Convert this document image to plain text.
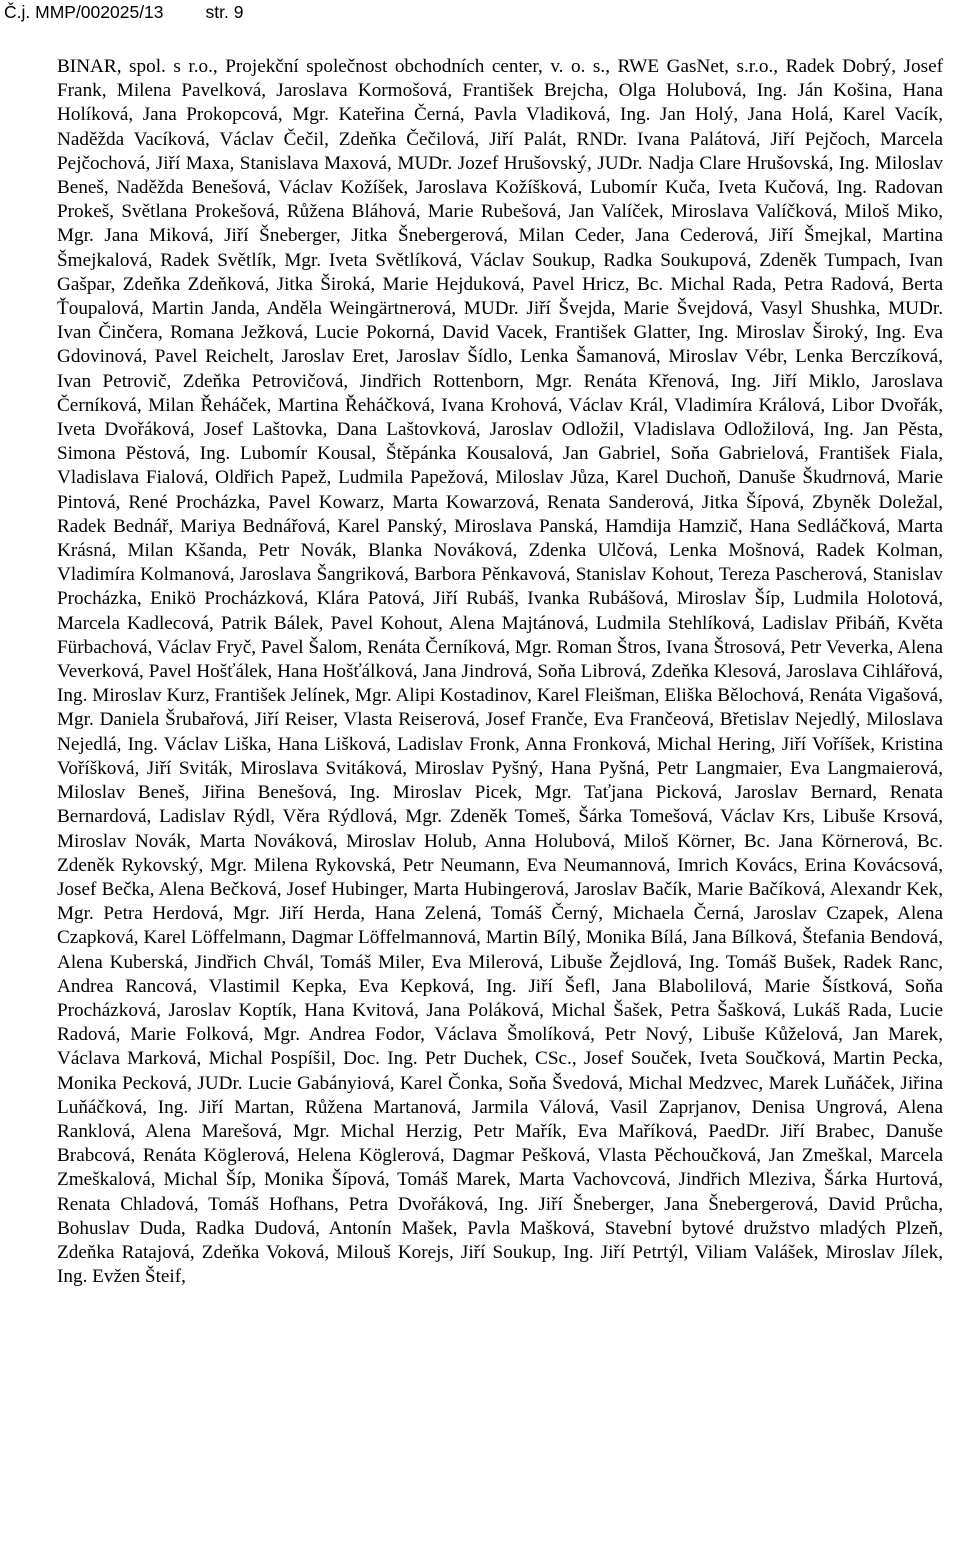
Č.j. MMP/002025/13 str. 9
BINAR, spol. s r.o., Projekční společnost obchodních center, v. o. s., RWE GasNet, s.r.o., Radek Dobrý, Josef Frank, Milena Pavelková, Jaroslava Kormošová, František Brejcha, Olga Holubová, Ing. Ján Košina, Hana Holíková, Jana Prokopcová, Mgr. Kateřina Černá, Pavla Vladiková, Ing. Jan Holý, Jana Holá, Karel Vacík, Naděžda Vacíková, Václav Čečil, Zdeňka Čečilová, Jiří Palát, RNDr. Ivana Palátová, Jiří Pejčoch, Marcela Pejčochová, Jiří Maxa, Stanislava Maxová, MUDr. Jozef Hrušovský, JUDr. Nadja Clare Hrušovská, Ing. Miloslav Beneš, Naděžda Benešová, Václav Kožíšek, Jaroslava Kožíšková, Lubomír Kuča, Iveta Kučová, Ing. Radovan Prokeš, Světlana Prokešová, Růžena Bláhová, Marie Rubešová, Jan Valíček, Miroslava Valíčková, Miloš Miko, Mgr. Jana Miková, Jiří Šneberger, Jitka Šnebergerová, Milan Ceder, Jana Cederová, Jiří Šmejkal, Martina Šmejkalová, Radek Světlík, Mgr. Iveta Světlíková, Václav Soukup, Radka Soukupová, Zdeněk Tumpach, Ivan Gašpar, Zdeňka Zdeňková, Jitka Široká, Marie Hejduková, Pavel Hricz, Bc. Michal Rada, Petra Radová, Berta Ťoupalová, Martin Janda, Anděla Weingärtnerová, MUDr. Jiří Švejda, Marie Švejdová, Vasyl Shushka, MUDr. Ivan Činčera, Romana Ježková, Lucie Pokorná, David Vacek, František Glatter, Ing. Miroslav Široký, Ing. Eva Gdovinová, Pavel Reichelt, Jaroslav Eret, Jaroslav Šídlo, Lenka Šamanová, Miroslav Vébr, Lenka Berczíková, Ivan Petrovič, Zdeňka Petrovičová, Jindřich Rottenborn, Mgr. Renáta Křenová, Ing. Jiří Miklo, Jaroslava Černíková, Milan Řeháček, Martina Řeháčková, Ivana Krohová, Václav Král, Vladimíra Králová, Libor Dvořák, Iveta Dvořáková, Josef Laštovka, Dana Laštovková, Jaroslav Odložil, Vladislava Odložilová, Ing. Jan Pěsta, Simona Pěstová, Ing. Lubomír Kousal, Štěpánka Kousalová, Jan Gabriel, Soňa Gabrielová, František Fiala, Vladislava Fialová, Oldřich Papež, Ludmila Papežová, Miloslav Jůza, Karel Duchoň, Danuše Škudrnová, Marie Pintová, René Procházka, Pavel Kowarz, Marta Kowarzová, Renata Sanderová, Jitka Šípová, Zbyněk Doležal, Radek Bednář, Mariya Bednářová, Karel Panský, Miroslava Panská, Hamdija Hamzič, Hana Sedláčková, Marta Krásná, Milan Kšanda, Petr Novák, Blanka Nováková, Zdenka Ulčová, Lenka Mošnová, Radek Kolman, Vladimíra Kolmanová, Jaroslava Šangriková, Barbora Pěnkavová, Stanislav Kohout, Tereza Pascherová, Stanislav Procházka, Enikö Procházková, Klára Patová, Jiří Rubáš, Ivanka Rubášová, Miroslav Šíp, Ludmila Holotová, Marcela Kadlecová, Patrik Bálek, Pavel Kohout, Alena Majtánová, Ludmila Stehlíková, Ladislav Přibáň, Květa Fürbachová, Václav Fryč, Pavel Šalom, Renáta Černíková, Mgr. Roman Štros, Ivana Štrosová, Petr Veverka, Alena Veverková, Pavel Hošťálek, Hana Hošťálková, Jana Jindrová, Soňa Librová, Zdeňka Klesová, Jaroslava Cihlářová, Ing. Miroslav Kurz, František Jelínek, Mgr. Alipi Kostadinov, Karel Fleišman, Eliška Bělochová, Renáta Vigašová, Mgr. Daniela Šrubařová, Jiří Reiser, Vlasta Reiserová, Josef Franče, Eva Frančeová, Břetislav Nejedlý, Miloslava Nejedlá, Ing. Václav Liška, Hana Lišková, Ladislav Fronk, Anna Fronková, Michal Hering, Jiří Voříšek, Kristina Voříšková, Jiří Sviták, Miroslava Svitáková, Miroslav Pyšný, Hana Pyšná, Petr Langmaier, Eva Langmaierová, Miloslav Beneš, Jiřina Benešová, Ing. Miroslav Picek, Mgr. Taťjana Picková, Jaroslav Bernard, Renata Bernardová, Ladislav Rýdl, Věra Rýdlová, Mgr. Zdeněk Tomeš, Šárka Tomešová, Václav Krs, Libuše Krsová, Miroslav Novák, Marta Nováková, Miroslav Holub, Anna Holubová, Miloš Körner, Bc. Jana Körnerová, Bc. Zdeněk Rykovský, Mgr. Milena Rykovská, Petr Neumann, Eva Neumannová, Imrich Kovács, Erina Kovácsová, Josef Bečka, Alena Bečková, Josef Hubinger, Marta Hubingerová, Jaroslav Bačík, Marie Bačíková, Alexandr Kek, Mgr. Petra Herdová, Mgr. Jiří Herda, Hana Zelená, Tomáš Černý, Michaela Černá, Jaroslav Czapek, Alena Czapková, Karel Löffelmann, Dagmar Löffelmannová, Martin Bílý, Monika Bílá, Jana Bílková, Štefania Bendová, Alena Kuberská, Jindřich Chvál, Tomáš Miler, Eva Milerová, Libuše Žejdlová, Ing. Tomáš Bušek, Radek Ranc, Andrea Rancová, Vlastimil Kepka, Eva Kepková, Ing. Jiří Šefl, Jana Blabolilová, Marie Šístková, Soňa Procházková, Jaroslav Koptík, Hana Kvitová, Jana Poláková, Michal Šašek, Petra Šašková, Lukáš Rada, Lucie Radová, Marie Folková, Mgr. Andrea Fodor, Václava Šmolíková, Petr Nový, Libuše Kůželová, Jan Marek, Václava Marková, Michal Pospíšil, Doc. Ing. Petr Duchek, CSc., Josef Souček, Iveta Součková, Martin Pecka, Monika Pecková, JUDr. Lucie Gabányiová, Karel Čonka, Soňa Švedová, Michal Medzvec, Marek Luňáček, Jiřina Luňáčková, Ing. Jiří Martan, Růžena Martanová, Jarmila Válová, Vasil Zaprjanov, Denisa Ungrová, Alena Ranklová, Alena Marešová, Mgr. Michal Herzig, Petr Mařík, Eva Maříková, PaedDr. Jiří Brabec, Danuše Brabcová, Renáta Köglerová, Helena Köglerová, Dagmar Pešková, Vlasta Pěchoučková, Jan Zmeškal, Marcela Zmeškalová, Michal Šíp, Monika Šípová, Tomáš Marek, Marta Vachovcová, Jindřich Mleziva, Šárka Hurtová, Renata Chladová, Tomáš Hofhans, Petra Dvořáková, Ing. Jiří Šneberger, Jana Šnebergerová, David Průcha, Bohuslav Duda, Radka Dudová, Antonín Mašek, Pavla Mašková, Stavební bytové družstvo mladých Plzeň, Zdeňka Ratajová, Zdeňka Voková, Milouš Korejs, Jiří Soukup, Ing. Jiří Petrtýl, Viliam Valášek, Miroslav Jílek, Ing. Evžen Šteif,
